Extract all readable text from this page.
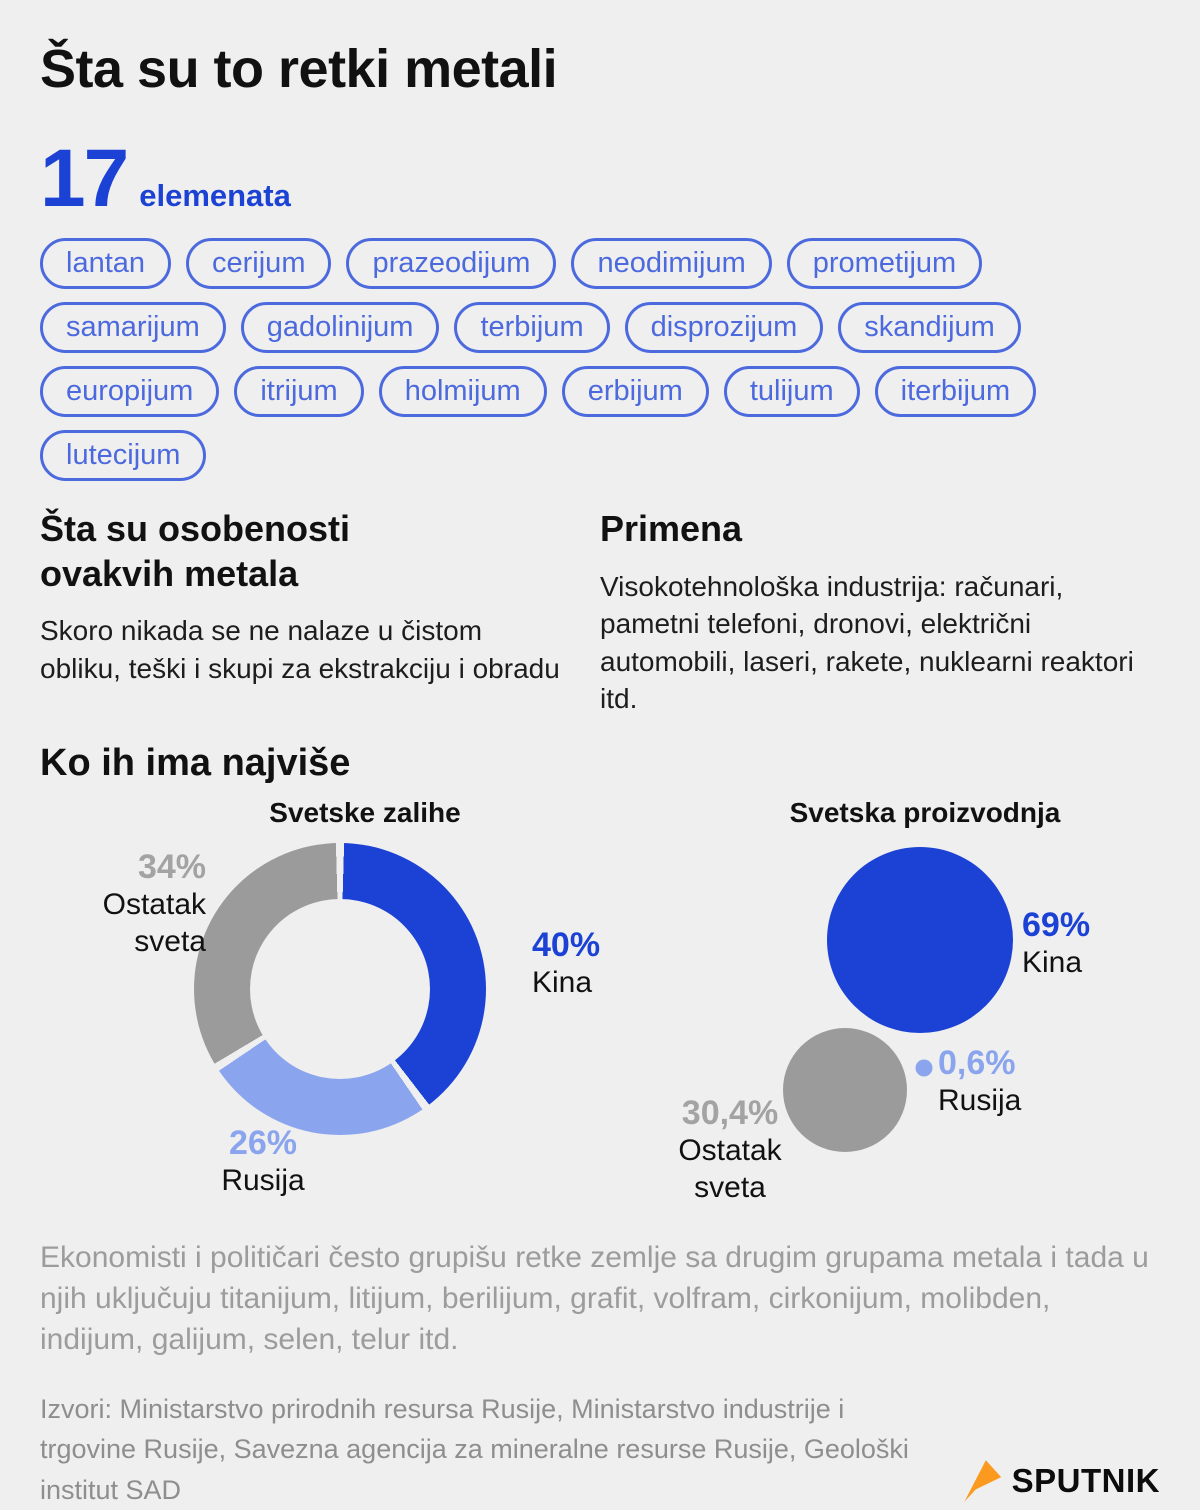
Šta su to retki metali
17 elemenata
lantan	cerijum	prazeodijum	neodimijum	prometijum
samarijum	gadolinijum	terbijum	disprozijum	skandijum
europijum	itrijum	holmijum	erbijum	tulijum	iterbijum
lutecijum
Šta su osobenosti ovakvih metala

Skoro nikada se ne nalaze u čistom obliku, teški i skupi za ekstrakciju i obradu

Primena

Visokotehnološka industrija: računari, pametni telefoni, dronovi, električni automobili, laseri, rakete, nuklearni reaktori itd.

Ko ih ima najviše
Svetske zalihe	Svetska proizvodnja
34%
Ostatak
sveta	40%
Kina
26%
Rusija
69%
Kina
0,6%
Rusija
30,4%
Ostatak
sveta

Ekonomisti i političari često grupišu retke zemlje sa drugim grupama metala i tada u njih uključuju titanijum, litijum, berilijum, grafit, volfram, cirkonijum, molibden, indijum, galijum, selen, telur itd.

Izvori: Ministarstvo prirodnih resursa Rusije, Ministarstvo industrije i trgovine Rusije, Savezna agencija za mineralne resurse Rusije, Geološki institut SAD	SPUTNIK
